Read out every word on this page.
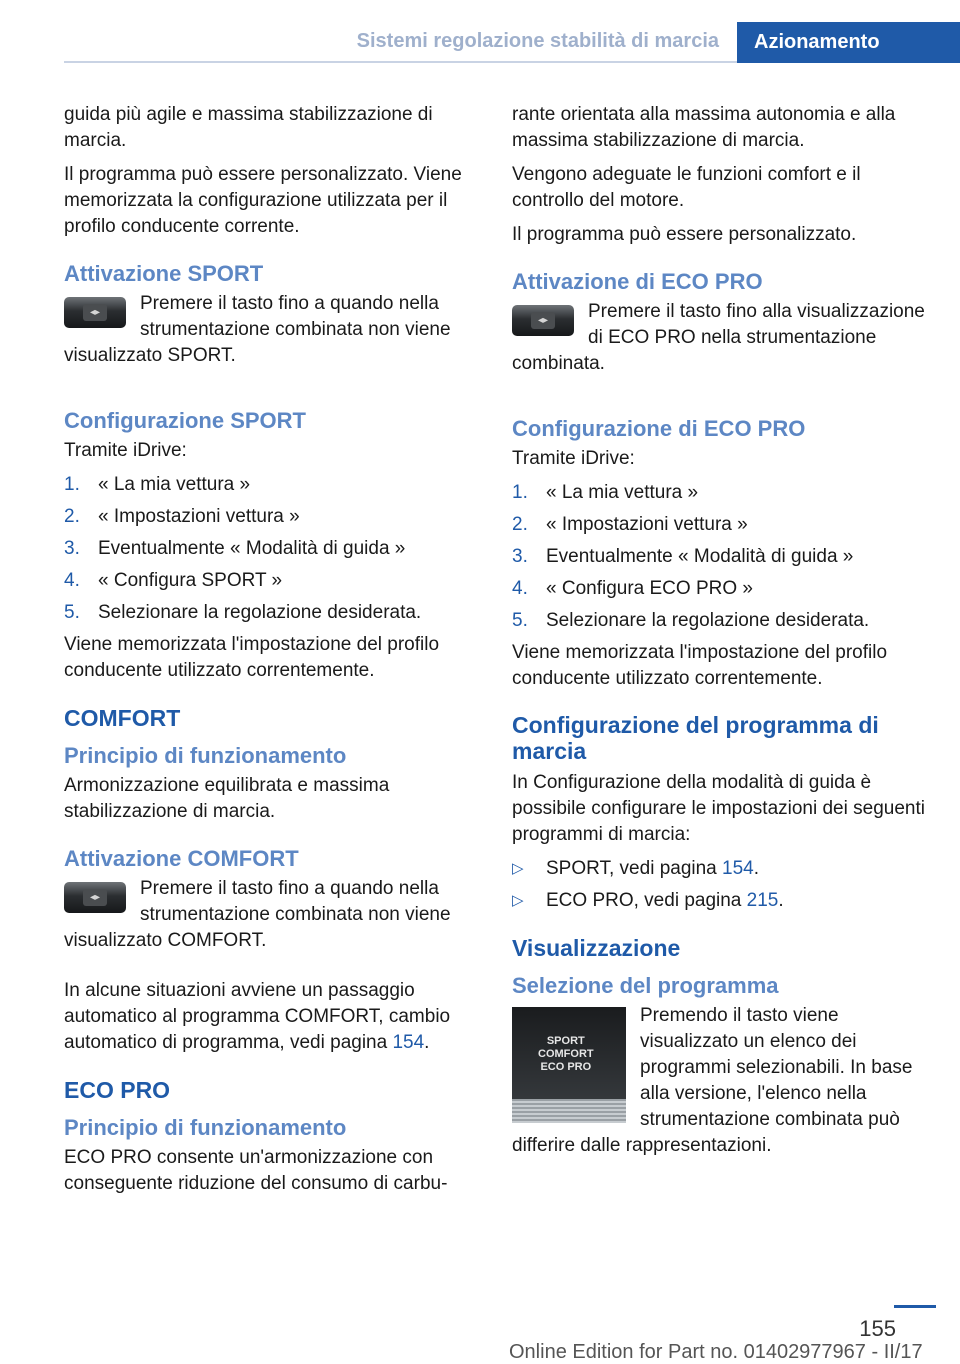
Sistemi regolazione stabilità di marcia	Azionamento

guida più agile e massima stabilizzazione di marcia.

Il programma può essere personalizzato. Viene memorizzata la configurazione utilizzata per il profilo conducente corrente.

Attivazione SPORT
◂▸	Premere il tasto fino a quando nella strumentazione combinata non viene visualizzato SPORT.

Configurazione SPORT

Tramite iDrive:

1. « La mia vettura »
2. « Impostazioni vettura »
3. Eventualmente « Modalità di guida »
4. « Configura SPORT »
5. Selezionare la regolazione desiderata.

Viene memorizzata l'impostazione del profilo conducente utilizzato correntemente.

COMFORT
Principio di funzionamento

Armonizzazione equilibrata e massima stabilizzazione di marcia.

Attivazione COMFORT
◂▸	Premere il tasto fino a quando nella strumentazione combinata non viene visualizzato COMFORT.

In alcune situazioni avviene un passaggio automatico al programma COMFORT, cambio automatico di programma, vedi pagina 154.

ECO PRO
Principio di funzionamento

ECO PRO consente un'armonizzazione con conseguente riduzione del consumo di carbu-

rante orientata alla massima autonomia e alla massima stabilizzazione di marcia.

Vengono adeguate le funzioni comfort e il controllo del motore.

Il programma può essere personalizzato.

Attivazione di ECO PRO
◂▸	Premere il tasto fino alla visualizzazione di ECO PRO nella strumentazione combinata.

Configurazione di ECO PRO

Tramite iDrive:

1. « La mia vettura »
2. « Impostazioni vettura »
3. Eventualmente « Modalità di guida »
4. « Configura ECO PRO »
5. Selezionare la regolazione desiderata.

Viene memorizzata l'impostazione del profilo conducente utilizzato correntemente.

Configurazione del programma di marcia

In Configurazione della modalità di guida è possibile configurare le impostazioni dei seguenti programmi di marcia:

▷	SPORT, vedi pagina 154.
▷	ECO PRO, vedi pagina 215.
Visualizzazione
Selezione del programma
SPORT
COMFORT
ECO PRO

Premendo il tasto viene visualizzato un elenco dei programmi selezionabili. In base alla versione, l'elenco nella strumentazione combinata può differire dalle rappresentazioni.

155
Online Edition for Part no. 01402977967 - II/17
